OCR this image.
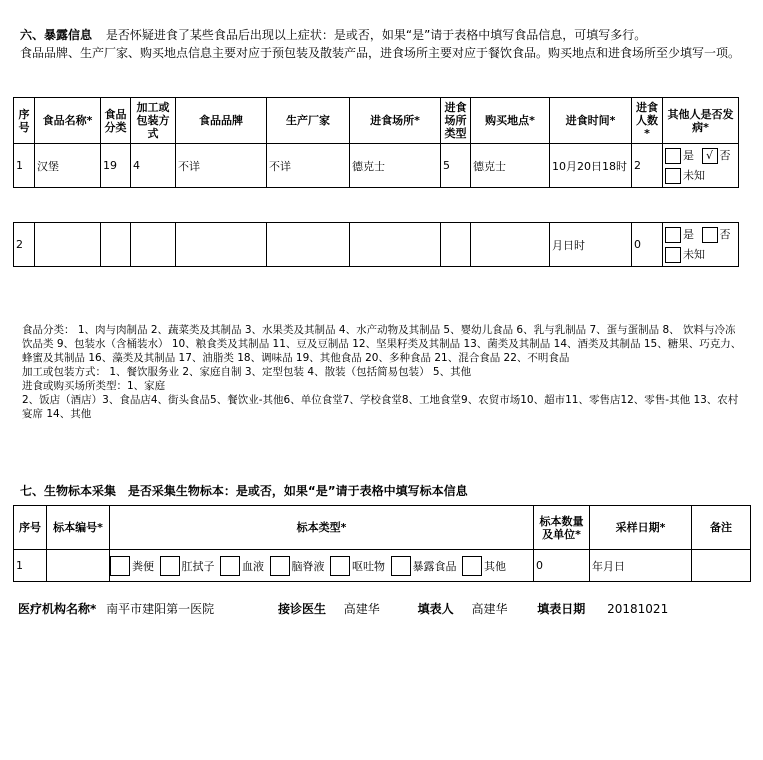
六、暴露信息 是否怀疑进食了某些食品后出现以上症状：是或否，如果“是”请于表格中填写食品信息，可填写多行。
食品品牌、生产厂家、购买地点信息主要对应于预包装及散装产品，进食场所主要对应于餐饮食品。购买地点和进食场所至少填写一项。
序号	食品名称*	食品分类	加工或包装方式	食品品牌	生产厂家	进食场所*	进食场所类型	购买地点*	进食时间*	进食人数*	其他人是否发病*
1	汉堡	19	4	不详	不详	德克士	5	德克士	10月20日18时	2	是 √ 否
未知
2									月日时	0	是 否
未知
食品分类： 1、肉与肉制品 2、蔬菜类及其制品 3、水果类及其制品 4、水产动物及其制品 5、婴幼儿食品 6、乳与乳制品 7、蛋与蛋制品 8、 饮料与冷冻饮品类 9、包装水（含桶装水） 10、粮食类及其制品 11、豆及豆制品 12、坚果籽类及其制品 13、菌类及其制品 14、酒类及其制品 15、糖果、巧克力、蜂蜜及其制品 16、藻类及其制品 17、油脂类 18、调味品 19、其他食品 20、多种食品 21、混合食品 22、不明食品
加工或包装方式： 1、餐饮服务业 2、家庭自制 3、定型包装 4、散装（包括简易包装） 5、其他
进食或购买场所类型：1、家庭
2、饭店（酒店）3、食品店4、街头食品5、餐饮业-其他6、单位食堂7、学校食堂8、工地食堂9、农贸市场10、超市11、零售店12、零售-其他 13、农村宴席 14、其他
七、生物标本采集 是否采集生物标本：是或否，如果“是”请于表格中填写标本信息
序号	标本编号*	标本类型*	标本数量及单位*	采样日期*	备注
1		粪便 肛拭子 血液 脑脊液 呕吐物 暴露食品 其他	0	年月日	
医疗机构名称* 南平市建阳第一医院	接诊医生 高建华	填表人 高建华 填表日期 20181021
